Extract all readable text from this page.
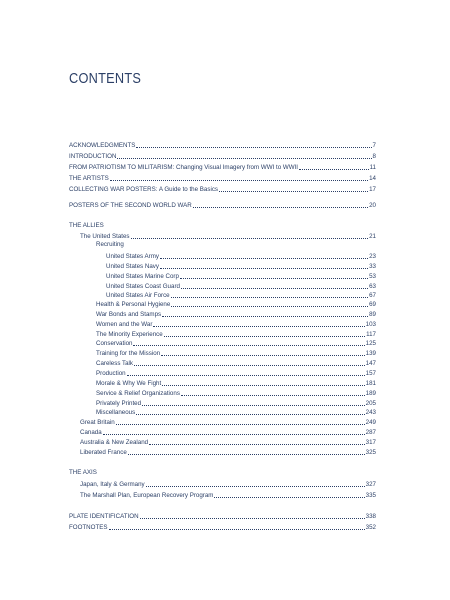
CONTENTS
ACKNOWLEDGMENTS	7
INTRODUCTION	8
FROM PATRIOTISM TO MILITARISM: Changing Visual Imagery from WWI to WWII	11
THE ARTISTS	14
COLLECTING WAR POSTERS: A Guide to the Basics	17
POSTERS OF THE SECOND WORLD WAR	20
THE ALLIES
The United States	21
Recruiting
United States Army	23
United States Navy	33
United States Marine Corp	53
United States Coast Guard	63
United States Air Force	67
Health & Personal Hygiene	69
War Bonds and Stamps	89
Women and the War	103
The Minority Experience	117
Conservation	125
Training for the Mission	139
Careless Talk	147
Production	157
Morale & Why We Fight	181
Service & Relief Organizations	189
Privately Printed	205
Miscellaneous	243
Great Britain	249
Canada	287
Australia & New Zealand	317
Liberated France	325
THE AXIS
Japan, Italy & Germany	327
The Marshall Plan, European Recovery Program	335
PLATE IDENTIFICATION	338
FOOTNOTES	352
